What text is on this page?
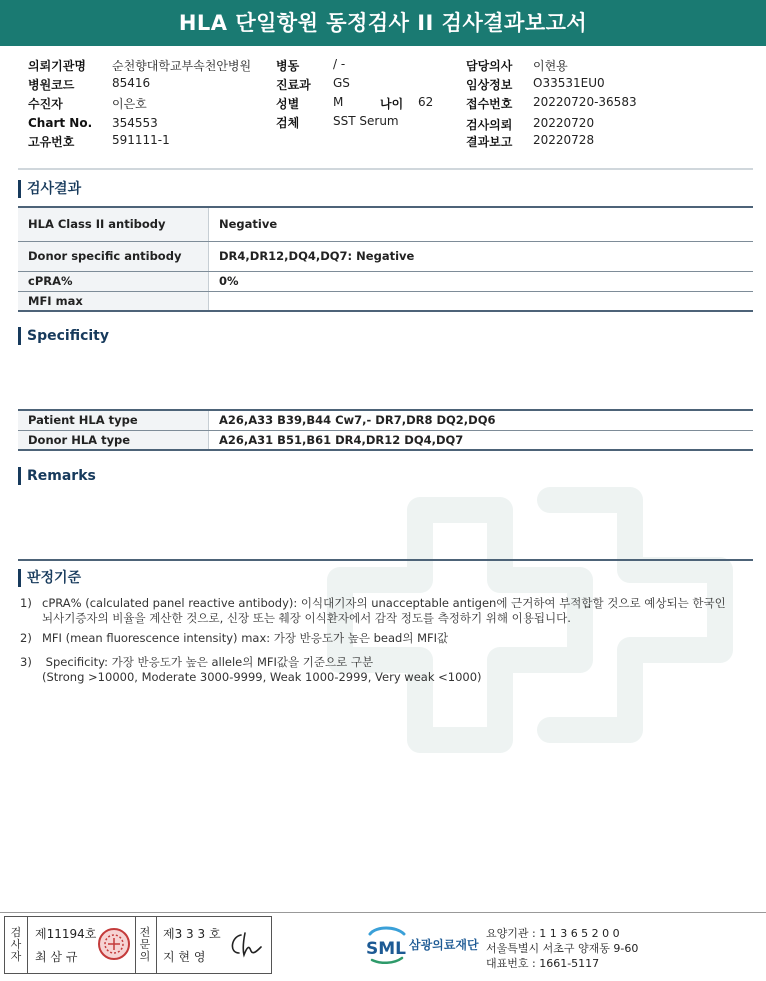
HLA 단일항원 동정검사 II 검사결과보고서
의뢰기관명 순천향대학교부속천안병원
병원코드	85416
수진자	이은호
Chart No. 354553
고유번호	591111-1
병동	/ -
진료과 GS
성별	M	나이 62
검체	SST Serum
담당의사 이현용
임상정보 O33531EU0
접수번호 20220720-36583
검사의뢰 20220720
결과보고 20220728
검사결과
HLA Class II antibody	Negative
Donor specific antibody	DR4,DR12,DQ4,DQ7: Negative
cPRA%	0%
MFI max	
Specificity
Patient HLA type	A26,A33 B39,B44 Cw7,- DR7,DR8 DQ2,DQ6
Donor HLA type	A26,A31 B51,B61 DR4,DR12 DQ4,DQ7
Remarks
판정기준
1) cPRA% (calculated panel reactive antibody): 이식대기자의 unacceptable antigen에 근거하여 부적합할 것으로 예상되는 한국인
뇌사기증자의 비율을 계산한 것으로, 신장 또는 췌장 이식환자에서 감작 정도를 측정하기 위해 이용됩니다.
2) MFI (mean fluorescence intensity) max: 가장 반응도가 높은 bead의 MFI값
3) Specificity: 가장 반응도가 높은 allele의 MFI값을 기준으로 구분
(Strong >10000, Moderate 3000-9999, Weak 1000-2999, Very weak <1000)
검사자
제11194호
최 삼 규
전문의
제3 3 3 호
지 현 영	SML 삼광의료재단
요양기관 : 1 1 3 6 5 2 0 0
서울특별시 서초구 양재동 9-60
대표번호 : 1661-5117
